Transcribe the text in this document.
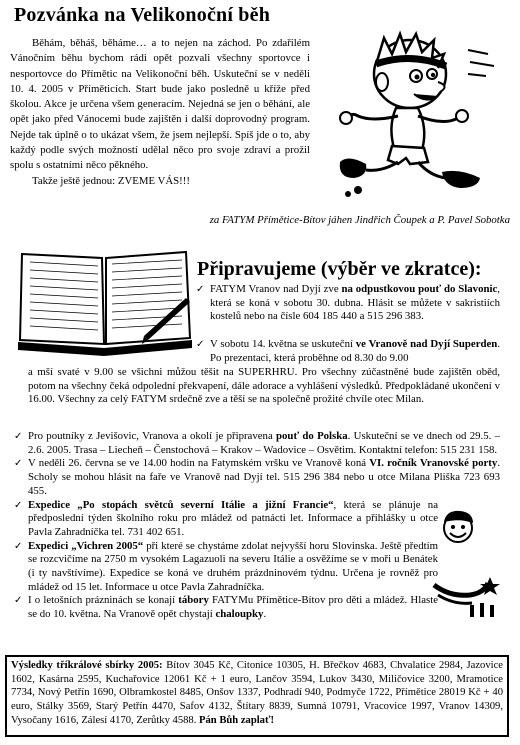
Pozvánka na Velikonoční běh

Běhám, běháš, běháme… a to nejen na záchod. Po zdařilém Vánočním běhu bychom rádi opět pozvali všechny sportovce i nesportovce do Přímětic na Velikonoční běh. Uskuteční se v neděli 10. 4. 2005 v Příměticích. Start bude jako posledně u kříže před školou. Akce je určena všem generacím. Nejedná se jen o běhání, ale opět jako před Vánocemi bude zajištěn i další doprovodný program. Nejde tak úplně o to ukázat všem, že jsem nejlepší. Spíš jde o to, aby každý podle svých možností udělal něco pro svoje zdraví a prožil spolu s ostatními něco pěkného.

Takže ještě jednou: ZVEME VÁS!!!

za FATYM Přímětice-Bítov jáhen Jindřich Čoupek a P. Pavel Sobotka
Připravujeme (výběr ve zkratce):

✓ FATYM Vranov nad Dyjí zve na odpustkovou pouť do Slavonic, která se koná v sobotu 30. dubna. Hlásit se můžete v sakristiích kostelů nebo na čísle 604 185 440 a 515 296 383.

✓ V sobotu 14. května se uskuteční ve Vranově nad Dyjí Superden. Po prezentaci, která proběhne od 8.30 do 9.00

a mší svaté v 9.00 se všichni můžou těšit na SUPERHRU. Pro všechny zúčastněné bude zajištěn oběd, potom na všechny čeká odpolední překvapení, dále adorace a vyhlášení výsledků. Předpokládané ukončení v 16.00. Všechny za celý FATYM srdečně zve a těší se na společně prožité chvíle otec Milan.

✓ Pro poutníky z Jevišovic, Vranova a okolí je připravena pouť do Polska. Uskuteční se ve dnech od 29.5. – 2.6. 2005. Trasa – Liecheň – Čenstochová – Krakov – Wadovice – Osvětim. Kontaktní telefon: 515 231 158.

✓ V neděli 26. června se ve 14.00 hodin na Fatymském vršku ve Vranově koná VI. ročník Vranovské porty. Scholy se mohou hlásit na faře ve Vranově nad Dyjí tel. 515 296 384 nebo u otce Milana Pliška 723 693 455.

✓ Expedice „Po stopách světců severní Itálie a jižní Francie“, která se plánuje na předposlední týden školního roku pro mládež od patnácti let. Informace a přihlášky u otce Pavla Zahradníčka tel. 731 402 651.

✓ Expedici „Vichren 2005“ při které se chystáme zdolat nejvyšší horu Slovinska. Ještě předtím se rozcvičíme na 2750 m vysokém Lagazuoli na severu Itálie a osvěžíme se v moři u Benátek (i ty navštívíme). Expedice se koná ve druhém prázdninovém týdnu. Určena je rovněž pro mládež od 15 let. Informace u otce Pavla Zahradníčka.

✓ I o letošních prázninách se konají tábory FATYMu Přímětice-Bítov pro děti a mládež. Hlaste se do 10. května. Na Vranově opět chystají chaloupky.

Výsledky tříkrálové sbírky 2005: Bítov 3045 Kč, Citonice 10305, H. Břečkov 4683, Chvalatice 2984, Jazovice 1602, Kasárna 2595, Kuchařovice 12061 Kč + 1 euro, Lančov 3594, Lukov 3430, Miličovice 3200, Mramotice 7734, Nový Petřín 1690, Olbramkostel 8485, Onšov 1337, Podhradí 940, Podmyče 1722, Přímětice 28019 Kč + 40 euro, Stálky 3569, Starý Petřín 4470, Safov 4132, Štítary 8839, Sumná 10791, Vracovice 1997, Vranov 14309, Vysočany 1616, Zálesí 4170, Zerůtky 4588. Pán Bůh zaplať!
